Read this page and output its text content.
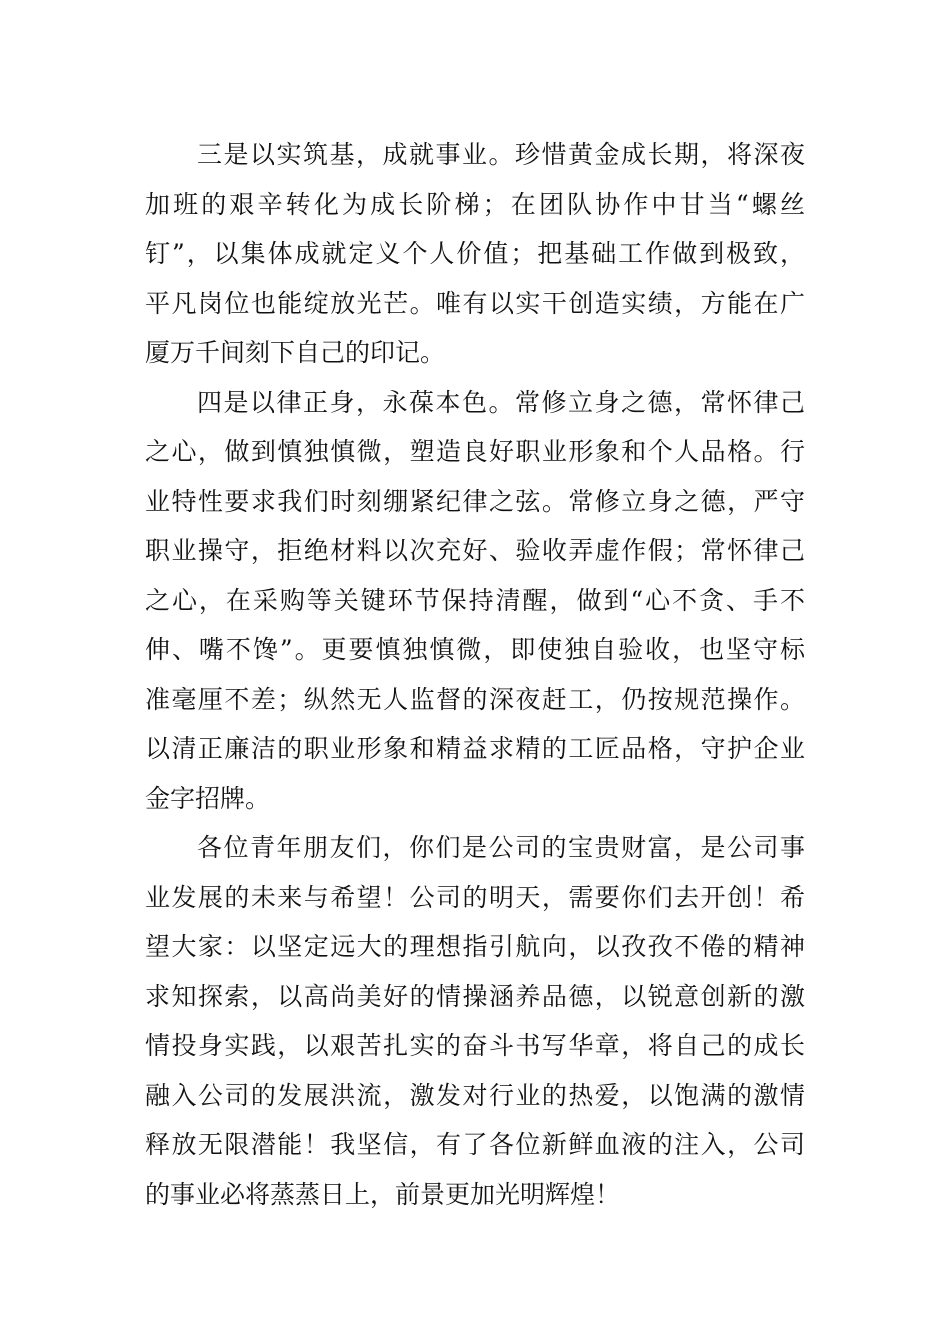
三是以实筑基，成就事业。珍惜黄金成长期，将深夜
加班的艰辛转化为成长阶梯；在团队协作中甘当“螺丝
钉”，以集体成就定义个人价值；把基础工作做到极致，
平凡岗位也能绽放光芒。唯有以实干创造实绩，方能在广
厦万千间刻下自己的印记。
四是以律正身，永葆本色。常修立身之德，常怀律己
之心，做到慎独慎微，塑造良好职业形象和个人品格。行
业特性要求我们时刻绷紧纪律之弦。常修立身之德，严守
职业操守，拒绝材料以次充好、验收弄虚作假；常怀律己
之心，在采购等关键环节保持清醒，做到“心不贪、手不
伸、嘴不馋”。更要慎独慎微，即使独自验收，也坚守标
准毫厘不差；纵然无人监督的深夜赶工，仍按规范操作。
以清正廉洁的职业形象和精益求精的工匠品格，守护企业
金字招牌。
各位青年朋友们，你们是公司的宝贵财富，是公司事
业发展的未来与希望！公司的明天，需要你们去开创！希
望大家：以坚定远大的理想指引航向，以孜孜不倦的精神
求知探索，以高尚美好的情操涵养品德，以锐意创新的激
情投身实践，以艰苦扎实的奋斗书写华章，将自己的成长
融入公司的发展洪流，激发对行业的热爱，以饱满的激情
释放无限潜能！我坚信，有了各位新鲜血液的注入，公司
的事业必将蒸蒸日上，前景更加光明辉煌！
